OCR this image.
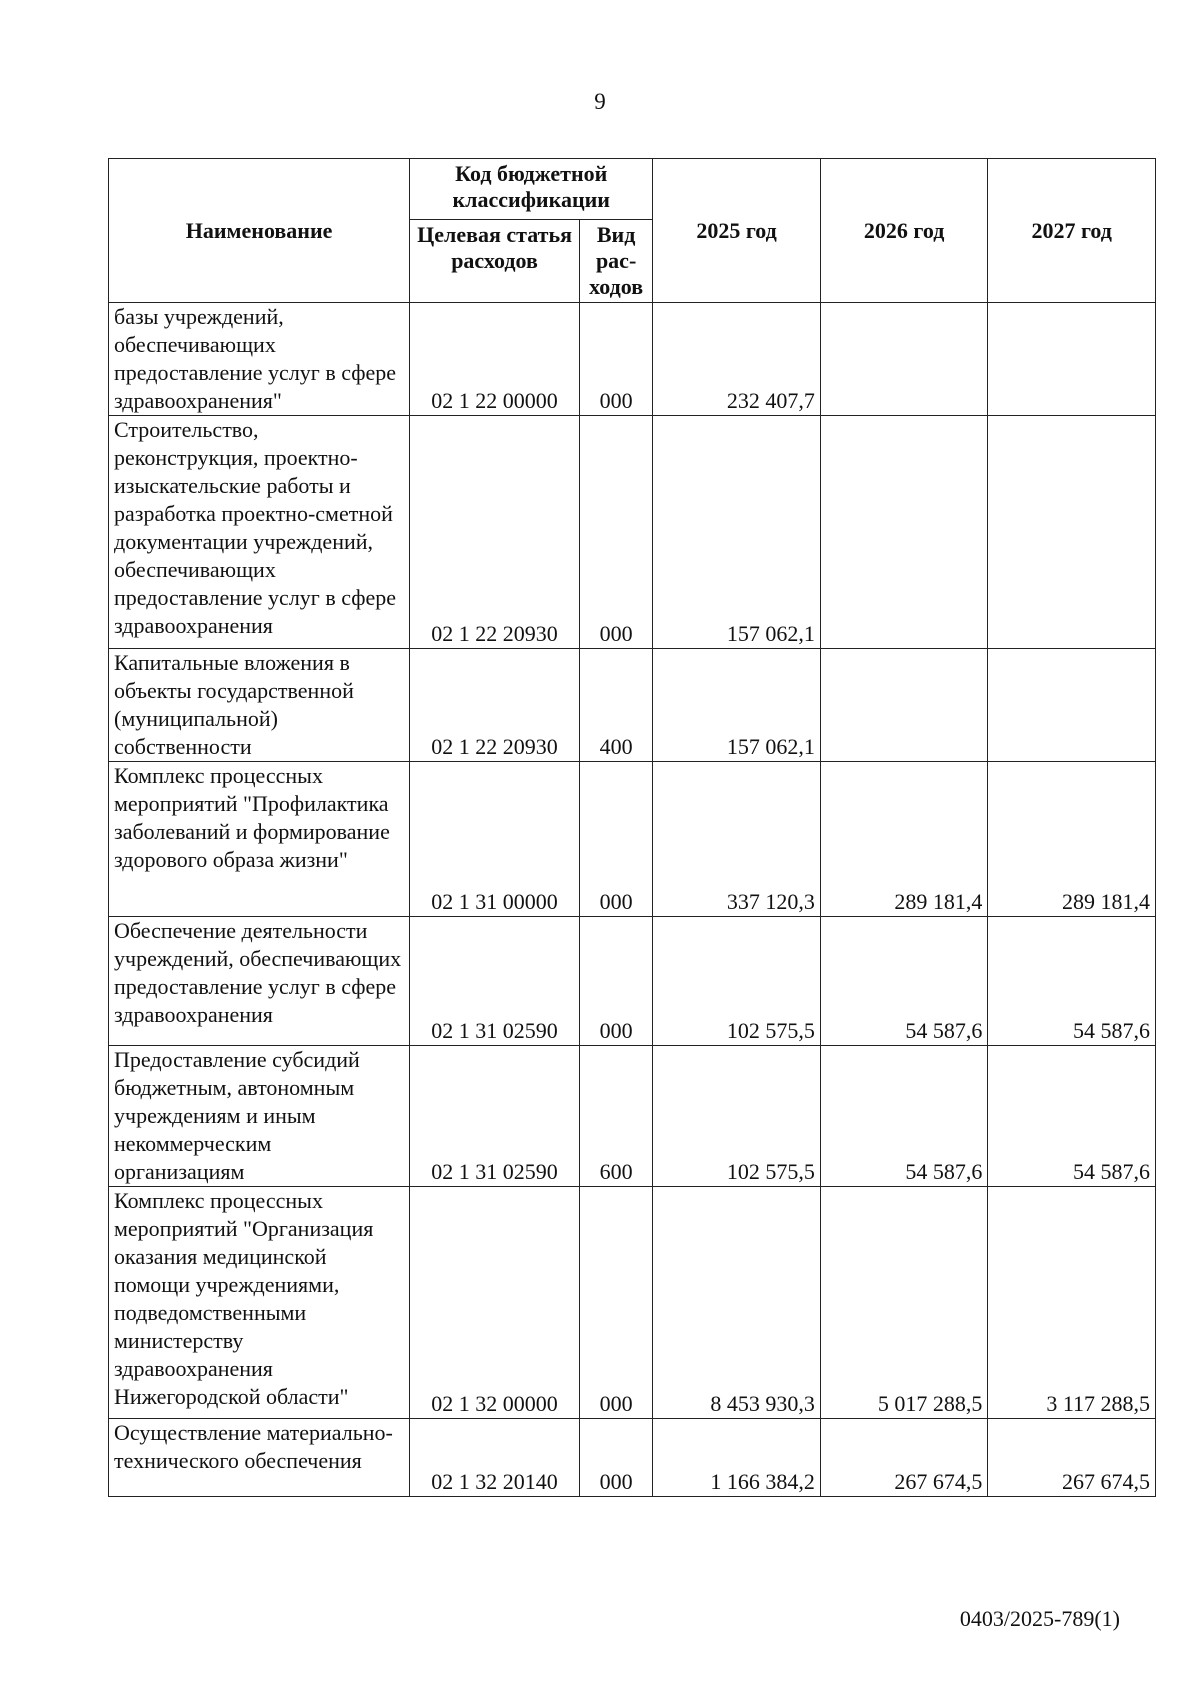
9
Наименование	Код бюджетной классификации		2025 год	2026 год	2027 год
	Целевая статья расходов	Вид рас- ходов			
базы учреждений, обеспечивающих предоставление услуг в сфере здравоохранения"	02 1 22 00000	000	232 407,7		
Строительство, реконструкция, проектно-изыскательские работы и разработка проектно-сметной документации учреждений, обеспечивающих предоставление услуг в сфере здравоохранения	02 1 22 20930	000	157 062,1		
Капитальные вложения в объекты государственной (муниципальной) собственности	02 1 22 20930	400	157 062,1		
Комплекс процессных мероприятий "Профилактика заболеваний и формирование здорового образа жизни"	02 1 31 00000	000	337 120,3	289 181,4	289 181,4
Обеспечение деятельности учреждений, обеспечивающих предоставление услуг в сфере здравоохранения	02 1 31 02590	000	102 575,5	54 587,6	54 587,6
Предоставление субсидий бюджетным, автономным учреждениям и иным некоммерческим организациям	02 1 31 02590	600	102 575,5	54 587,6	54 587,6
Комплекс процессных мероприятий "Организация оказания медицинской помощи учреждениями, подведомственными министерству здравоохранения Нижегородской области"	02 1 32 00000	000	8 453 930,3	5 017 288,5	3 117 288,5
Осуществление материально-технического обеспечения	02 1 32 20140	000	1 166 384,2	267 674,5	267 674,5
0403/2025-789(1)
